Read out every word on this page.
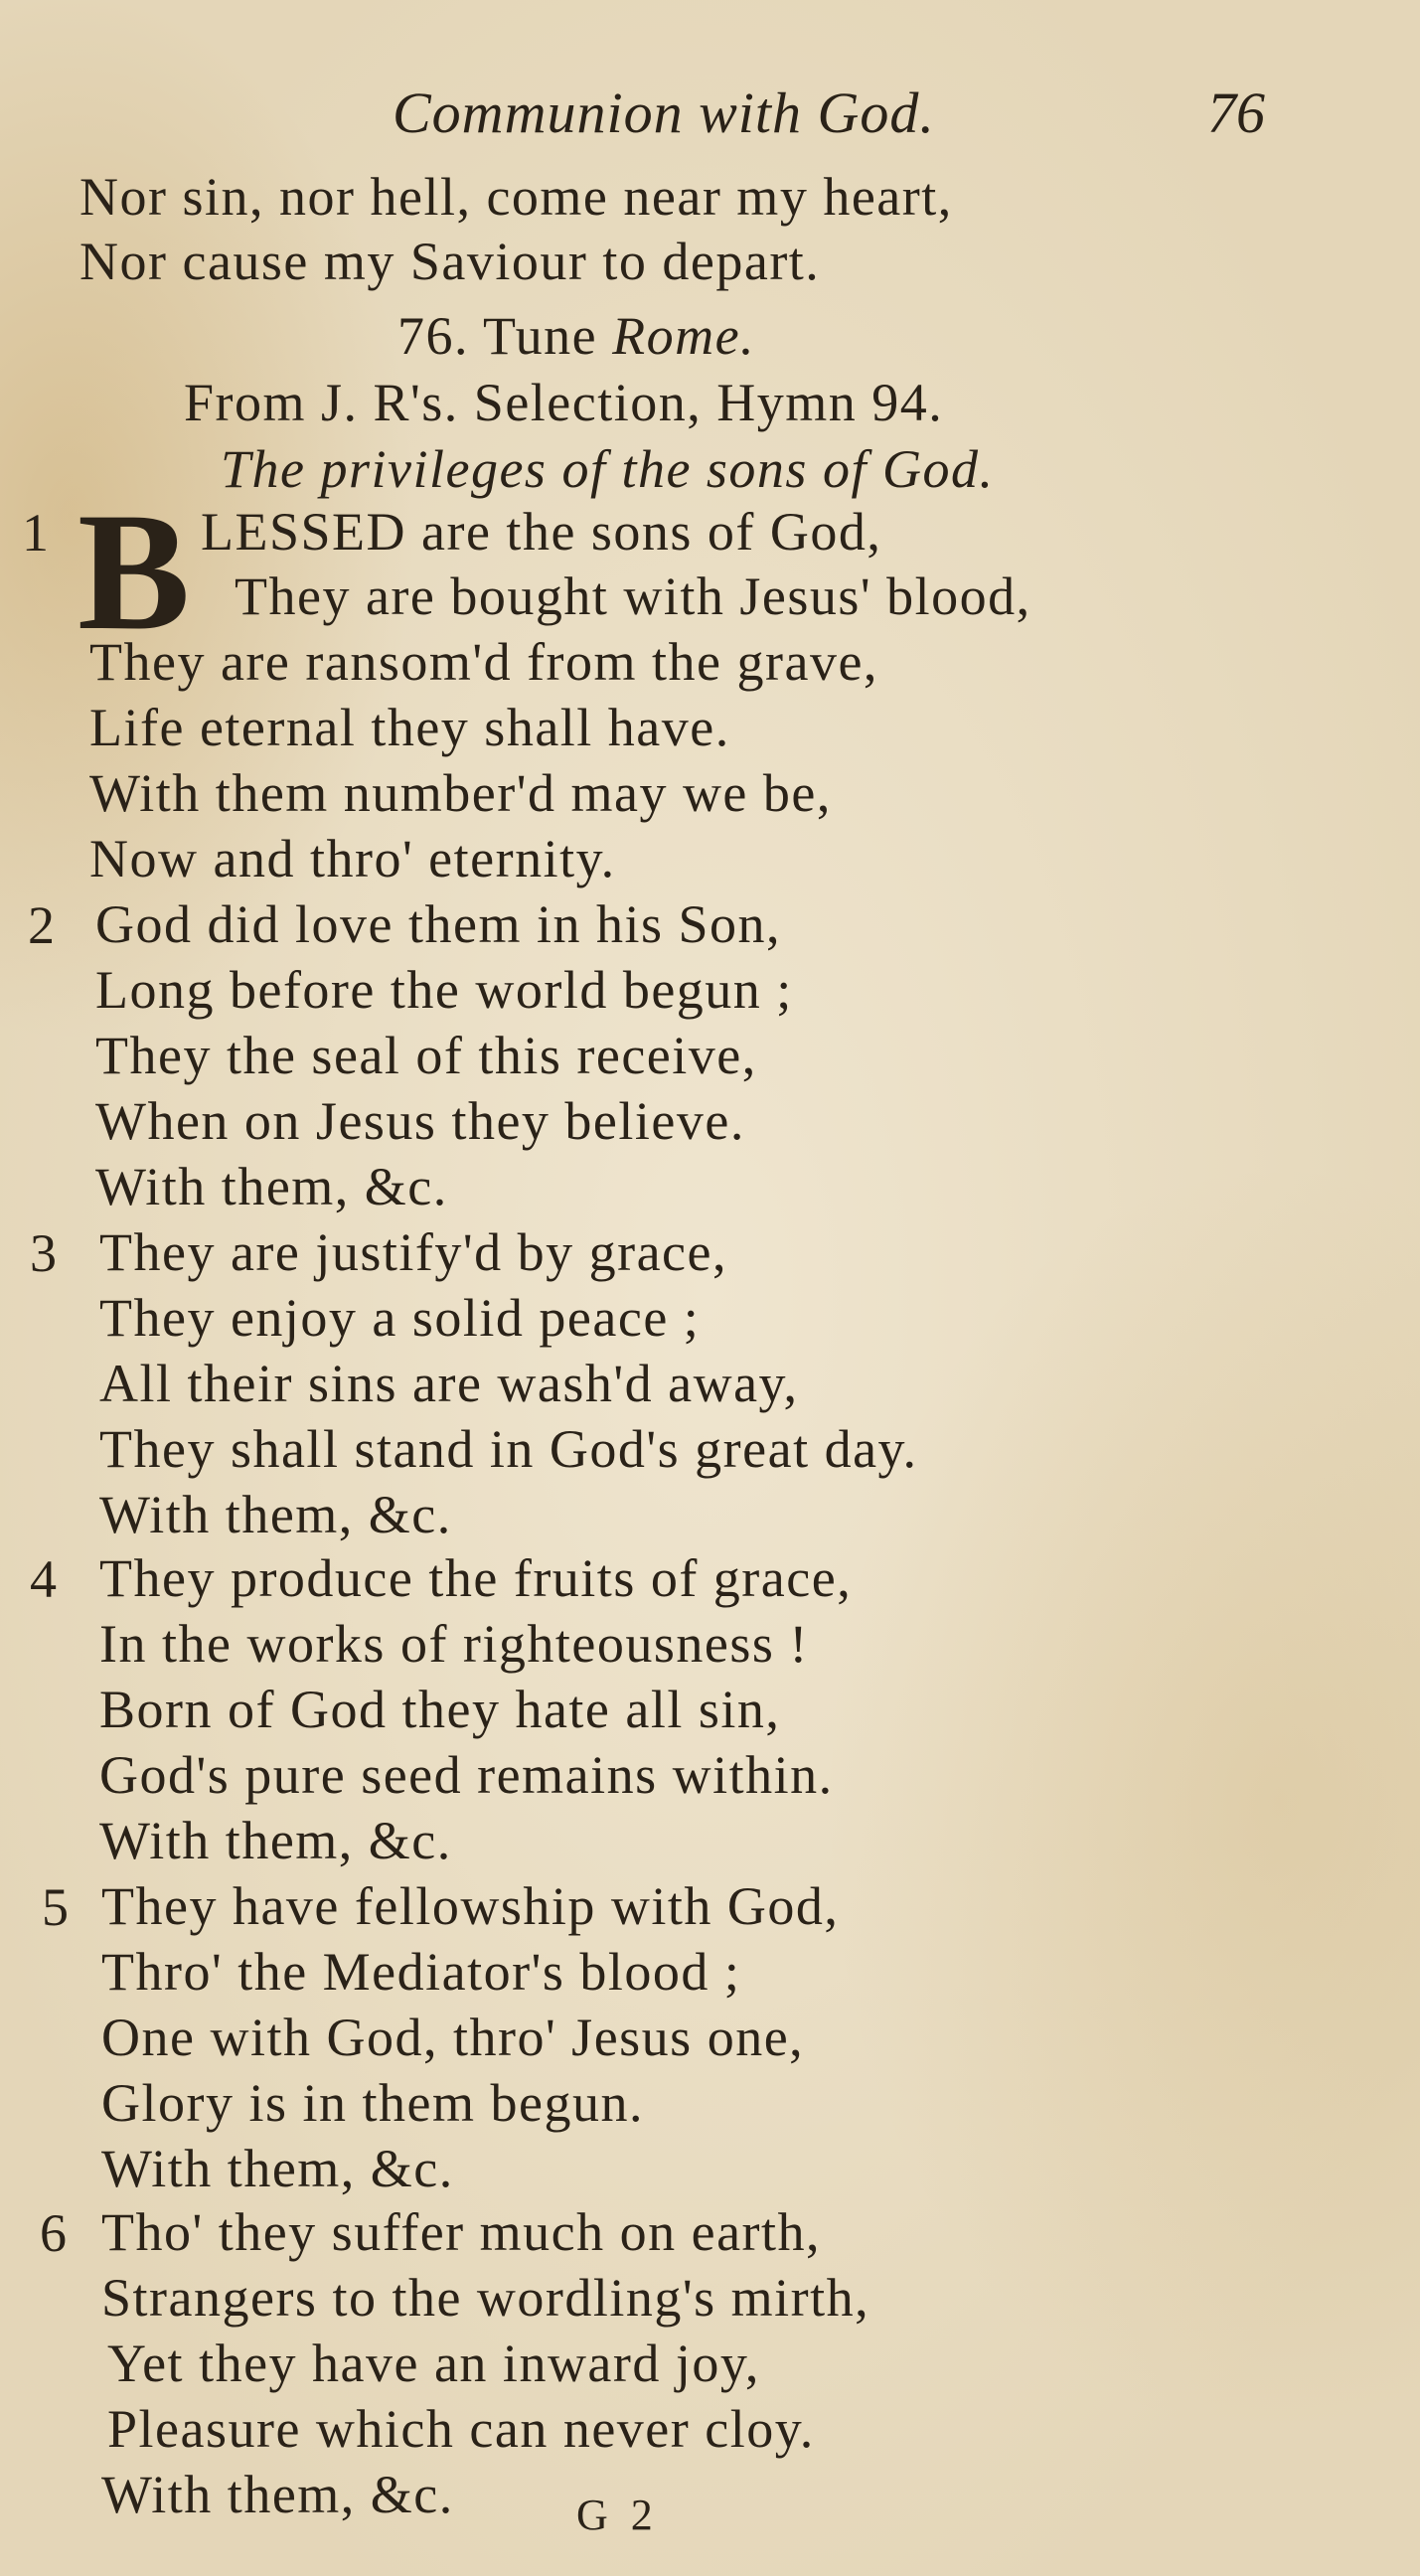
Communion with God.	76
Nor sin, nor hell, come near my heart,
Nor cause my Saviour to depart.
76. Tune Rome.
From J. R's. Selection, Hymn 94.
The privileges of the sons of God.
1 B LESSED are the sons of God,
They are bought with Jesus' blood,
They are ransom'd from the grave,
Life eternal they shall have.
With them number'd may we be,
Now and thro' eternity.
2 God did love them in his Son,
Long before the world begun ;
They the seal of this receive,
When on Jesus they believe.
With them, &c.
3 They are justify'd by grace,
They enjoy a solid peace ;
All their sins are wash'd away,
They shall stand in God's great day.
With them, &c.
4 They produce the fruits of grace,
In the works of righteousness !
Born of God they hate all sin,
God's pure seed remains within.
With them, &c.
5 They have fellowship with God,
Thro' the Mediator's blood ;
One with God, thro' Jesus one,
Glory is in them begun.
With them, &c.
6 Tho' they suffer much on earth,
Strangers to the wordling's mirth,
Yet they have an inward joy,
Pleasure which can never cloy.
With them, &c.	G 2
